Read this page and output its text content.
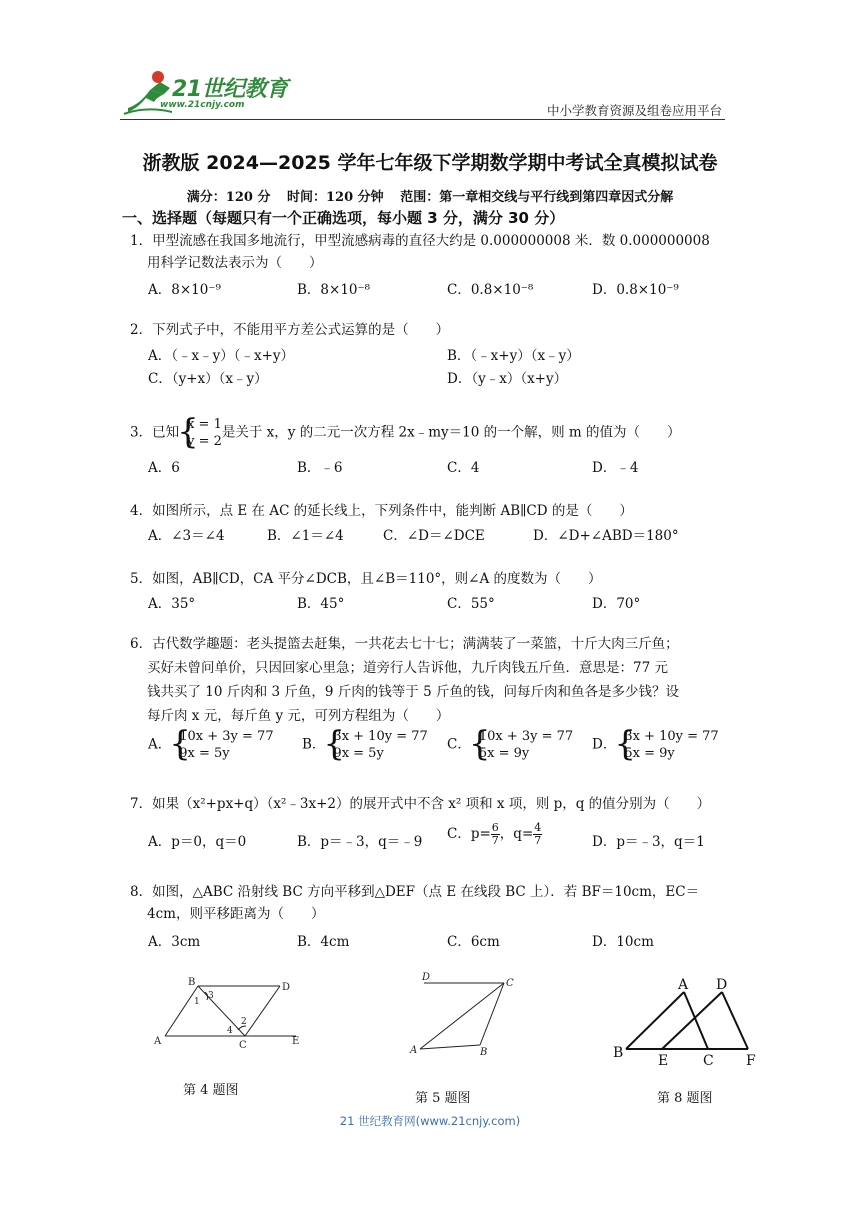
21世纪教育
www.21cnjy.com	中小学教育资源及组卷应用平台
浙教版 2024—2025 学年七年级下学期数学期中考试全真模拟试卷
满分：120 分 时间：120 分钟 范围：第一章相交线与平行线到第四章因式分解
一、选择题（每题只有一个正确选项，每小题 3 分，满分 30 分）
1．甲型流感在我国多地流行，甲型流感病毒的直径大约是 0.000000008 米．数 0.000000008
用科学记数法表示为（　　）
A．8×10⁻⁹	B．8×10⁻⁸	C．0.8×10⁻⁸	D．0.8×10⁻⁹
2．下列式子中，不能用平方差公式运算的是（　　）
A．（﹣x﹣y）（﹣x+y）	B．（﹣x+y）（x﹣y）
C．（y+x）（x﹣y）	D．（y﹣x）（x+y）
3．已知 { x = 1
y = 2
是关于 x，y 的二元一次方程 2x﹣my＝10 的一个解，则 m 的值为（　　）
A．6	B．﹣6	C．4	D．﹣4
4．如图所示，点 E 在 AC 的延长线上，下列条件中，能判断 AB∥CD 的是（　　）
A．∠3＝∠4	B．∠1＝∠4	C．∠D＝∠DCE	D．∠D+∠ABD＝180°
5．如图，AB∥CD，CA 平分∠DCB，且∠B＝110°，则∠A 的度数为（　　）
A．35°	B．45°	C．55°	D．70°
6．古代数学趣题：老头提篮去赶集，一共花去七十七；满满装了一菜篮，十斤大肉三斤鱼；
买好未曾问单价，只因回家心里急；道旁行人告诉他，九斤肉钱五斤鱼．意思是：77 元
钱共买了 10 斤肉和 3 斤鱼，9 斤肉的钱等于 5 斤鱼的钱，问每斤肉和鱼各是多少钱？设
每斤肉 x 元，每斤鱼 y 元，可列方程组为（　　）
A． { 10x + 3y = 77
9x = 5y
B． { 3x + 10y = 77
9x = 5y
C． { 10x + 3y = 77
5x = 9y
D． { 3x + 10y = 77
5x = 9y
7．如果（x²+px+q）（x²﹣3x+2）的展开式中不含 x² 项和 x 项，则 p，q 的值分别为（　　）
A．p＝0，q＝0	B．p＝﹣3，q＝﹣9 C．$p= \frac{6}{7}$ ，$q= \frac{4}{7}$	D．p＝﹣3，q＝1
8．如图，△ABC 沿射线 BC 方向平移到△DEF（点 E 在线段 BC 上）．若 BF＝10cm，EC＝
4cm，则平移距离为（　　）
A．3cm	B．4cm	C．6cm	D．10cm
B	D
1
3
2
4
A	C	E
第 4 题图
D
C
A	B
第 5 题图
A D
B E C F
第 8 题图
21 世纪教育网(www.21cnjy.com)
